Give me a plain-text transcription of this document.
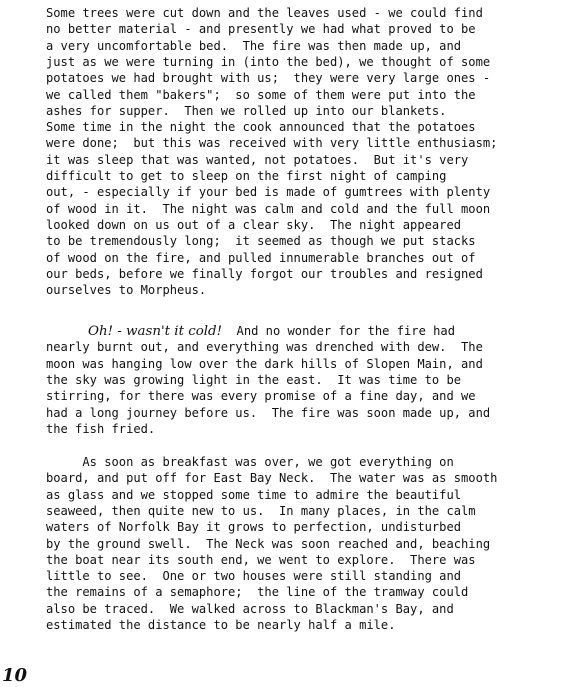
Some trees were cut down and the leaves used - we could find
no better material - and presently we had what proved to be
a very uncomfortable bed.  The fire was then made up, and
just as we were turning in (into the bed), we thought of some
potatoes we had brought with us;  they were very large ones -
we called them "bakers";  so some of them were put into the
ashes for supper.  Then we rolled up into our blankets.
Some time in the night the cook announced that the potatoes
were done;  but this was received with very little enthusiasm;
it was sleep that was wanted, not potatoes.  But it's very
difficult to get to sleep on the first night of camping
out, - especially if your bed is made of gumtrees with plenty
of wood in it.  The night was calm and cold and the full moon
looked down on us out of a clear sky.  The night appeared
to be tremendously long;  it seemed as though we put stacks
of wood on the fire, and pulled innumerable branches out of
our beds, before we finally forgot our troubles and resigned
ourselves to Morpheus.
Oh! - wasn't it cold!  And no wonder for the fire had
nearly burnt out, and everything was drenched with dew.  The
moon was hanging low over the dark hills of Slopen Main, and
the sky was growing light in the east.  It was time to be
stirring, for there was every promise of a fine day, and we
had a long journey before us.  The fire was soon made up, and
the fish fried.
As soon as breakfast was over, we got everything on
board, and put off for East Bay Neck.  The water was as smooth
as glass and we stopped some time to admire the beautiful
seaweed, then quite new to us.  In many places, in the calm
waters of Norfolk Bay it grows to perfection, undisturbed
by the ground swell.  The Neck was soon reached and, beaching
the boat near its south end, we went to explore.  There was
little to see.  One or two houses were still standing and
the remains of a semaphore;  the line of the tramway could
also be traced.  We walked across to Blackman's Bay, and
estimated the distance to be nearly half a mile.
10
